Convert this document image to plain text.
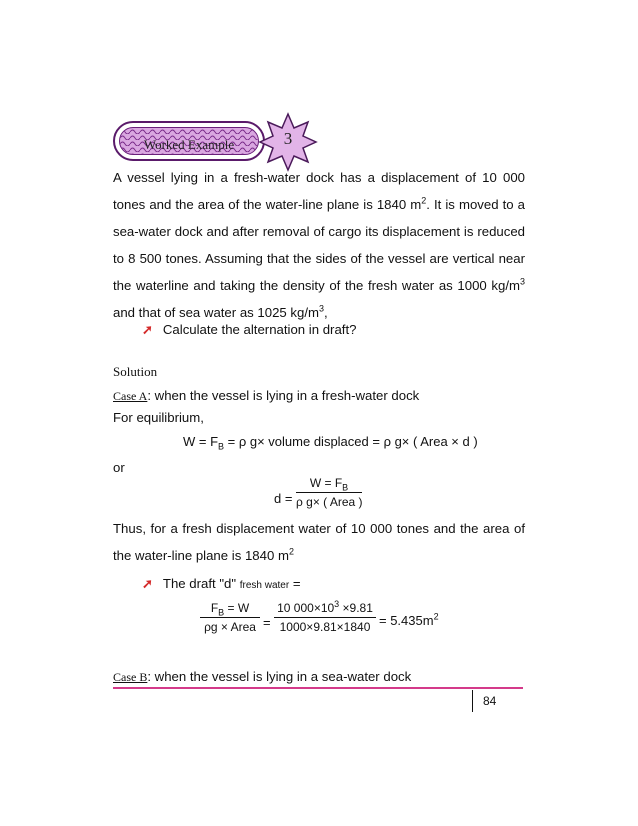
Worked Example	3
A vessel lying in a fresh-water dock has a displacement of 10 000 tones and the area of the water-line plane is 1840 $m^2$. It is moved to a sea-water dock and after removal of cargo its displacement is reduced to 8 500 tones. Assuming that the sides of the vessel are vertical near the waterline and taking the density of the fresh water as 1000 $kg/m^3$ and that of sea water as 1025 $kg/m^3$,
➚ Calculate the alternation in draft?
Solution
Case A: when the vessel is lying in a fresh-water dock
For equilibrium,
$W = F_B = \rho$ g× volume displaced = ρ g× ( Area × d )
or
d =
$W = F_B$
ρ g× ( Area )
Thus, for a fresh displacement water of 10 000 tones and the area of the water-line plane is 1840 $m^2$
➚ The draft "d" fresh water =
$F_B = W$
ρg × Area =
10 $000\times 10^3 \times 9.81$
$1000\times 9.81\times 1840 = 5.435m^2$
Case B: when the vessel is lying in a sea-water dock
84
